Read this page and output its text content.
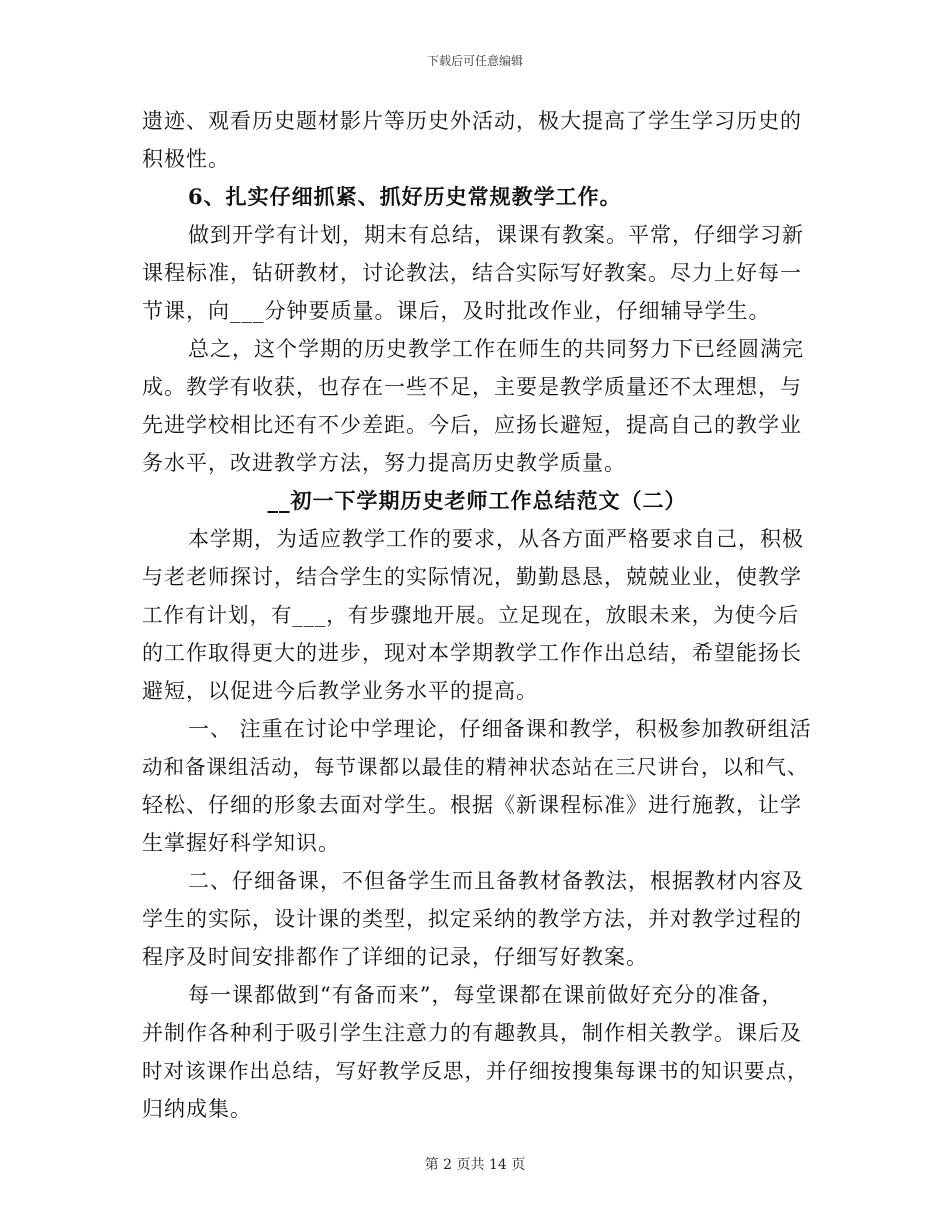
下载后可任意编辑
遗迹、观看历史题材影片等历史外活动，极大提高了学生学习历史的
积极性。
6、扎实仔细抓紧、抓好历史常规教学工作。
做到开学有计划，期末有总结，课课有教案。平常，仔细学习新
课程标准，钻研教材，讨论教法，结合实际写好教案。尽力上好每一
节课，向___分钟要质量。课后，及时批改作业，仔细辅导学生。
总之，这个学期的历史教学工作在师生的共同努力下已经圆满完
成。教学有收获，也存在一些不足，主要是教学质量还不太理想，与
先进学校相比还有不少差距。今后，应扬长避短，提高自己的教学业
务水平，改进教学方法，努力提高历史教学质量。
__初一下学期历史老师工作总结范文（二）
本学期，为适应教学工作的要求，从各方面严格要求自己，积极
与老老师探讨，结合学生的实际情况，勤勤恳恳，兢兢业业，使教学
工作有计划，有___，有步骤地开展。立足现在，放眼未来，为使今后
的工作取得更大的进步，现对本学期教学工作作出总结，希望能扬长
避短，以促进今后教学业务水平的提高。
一、 注重在讨论中学理论，仔细备课和教学，积极参加教研组活
动和备课组活动，每节课都以最佳的精神状态站在三尺讲台，以和气、
轻松、仔细的形象去面对学生。根据《新课程标准》进行施教，让学
生掌握好科学知识。
二、仔细备课，不但备学生而且备教材备教法，根据教材内容及
学生的实际，设计课的类型，拟定采纳的教学方法，并对教学过程的
程序及时间安排都作了详细的记录，仔细写好教案。
每一课都做到“有备而来”，每堂课都在课前做好充分的准备，
并制作各种利于吸引学生注意力的有趣教具，制作相关教学。课后及
时对该课作出总结，写好教学反思，并仔细按搜集每课书的知识要点，
归纳成集。
第 2 页共 14 页
